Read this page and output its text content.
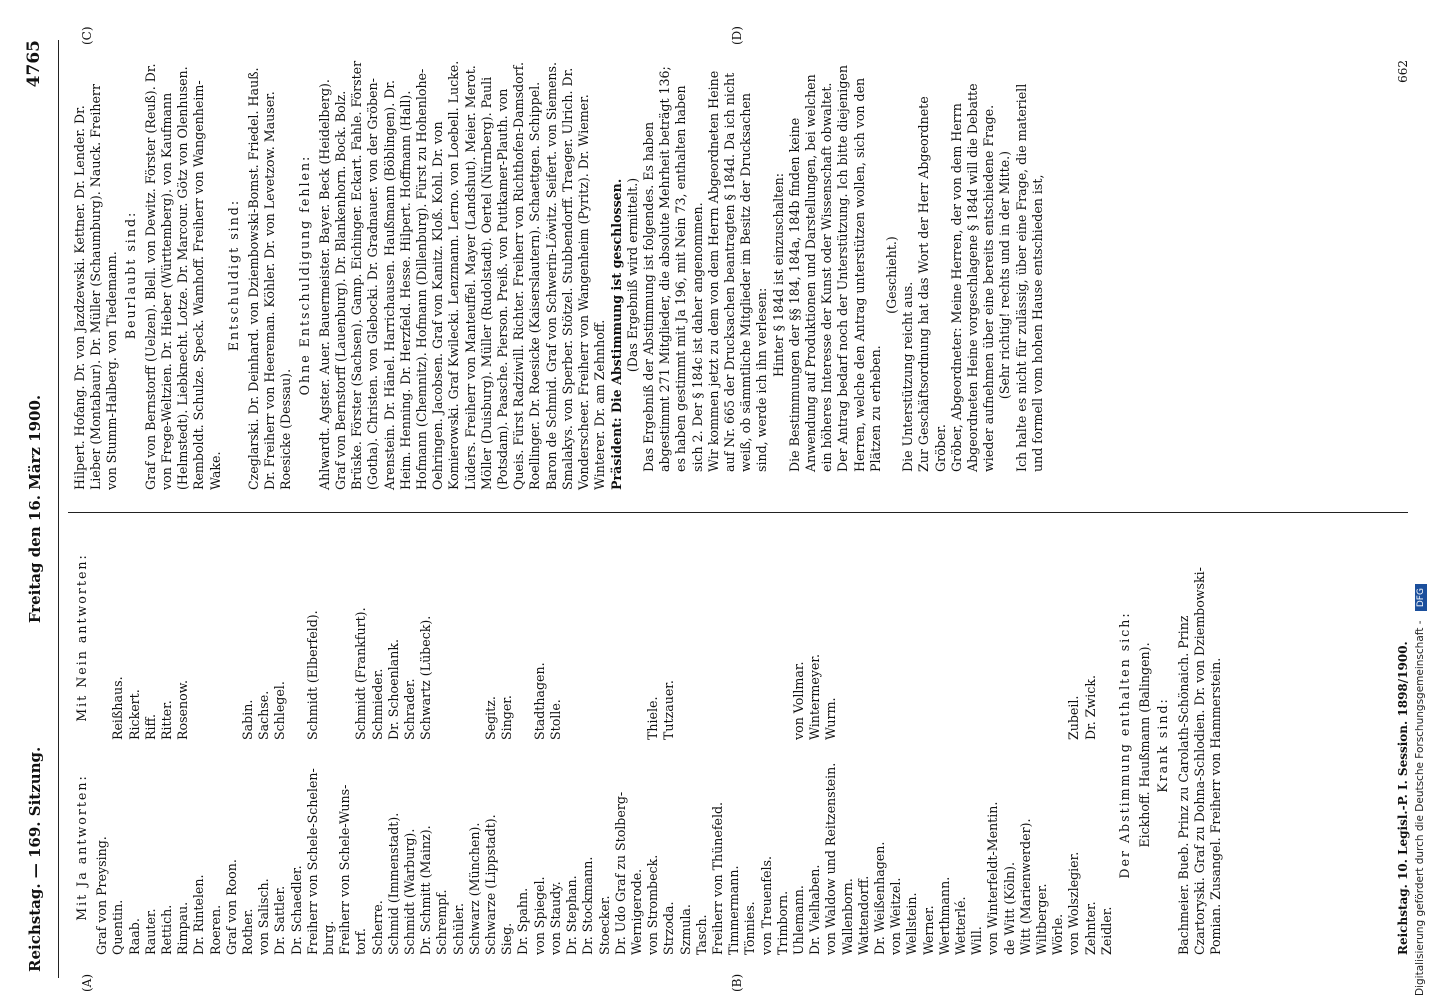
Reichstag. — 169. Sitzung.
Freitag den 16. März 1900.
4765
(A)	(B)
(C)	(D)
Mit Ja antworten:
Mit Nein antworten:
Graf von Preysing. Quentin.
Reißhaus.
Raab.
Rickert.
Rauter.
Riff.
Rettich.
Ritter.
Rimpau.
Rosenow.
Dr. Rintelen. Roeren. Graf von Roon. Rother.
Sabin.
von Salisch.
Sachse.
Dr. Sattler.
Schlegel.
Dr. Schaedler. Freiherr von Schele-Schelen-
Schmidt (Elberfeld).
burg. Freiherr von Schele-Wuns- torf.
Schmidt (Frankfurt).
Scherre.
Schmieder.
Schmid (Immenstadt).
Dr. Schoenlank.
Schmidt (Warburg).
Schrader.
Dr. Schmitt (Mainz).
Schwartz (Lübeck).
Schrempf. Schüler. Schwarz (München). Schwarze (Lippstadt).
Segitz.
Sieg.
Singer.
Dr. Spahn. von Spiegel.
Stadthagen.
von Staudy.
Stolle.
Dr. Stephan. Dr. Stockmann. Stoecker. Dr. Udo Graf zu Stolberg- Wernigerode. von Strombeck.
Thiele.
Strzoda.
Tutzauer.
Szmula. Tasch. Freiherr von Thünefeld. Timmermann. Tönnies. von Treuenfels. Trimborn. Uhlemann.
von Vollmar.
Dr. Vielhaben.
Wintermeyer.
von Waldow und Reitzenstein.
Wurm.
Wallenborn. Wattendorff. Dr. Weißenhagen. von Weitzel. Wellstein. Werner. Werthmann. Wetterlé. Will. von Winterfeldt-Mentin. de Witt (Köln). Witt (Marienwerder). Wiltberger. Wörle. von Wolszlegier.
Zubeil.
Zehnter.
Dr. Zwick.
Zeidler.
Der Abstimmung enthalten sich: Eickhoff. Haußmann (Balingen). Krank sind: Bachmeier. Bueb. Prinz zu Carolath-Schönaich. Prinz Czartoryski. Graf zu Dohna-Schlodien. Dr. von Dziembowski-Pomian. Zusangel. Freiherr von Hammerstein.

Hilpert. Hofang. Dr. von Jazdzewski. Kettner. Dr. Lender. Dr. Lieber (Montabaur). Dr. Müller (Schaumburg). Nauck. Freiherr von Stumm-Halberg. von Tiedemann. Beurlaubt sind: Graf von Bernstorff (Uelzen). Blell. von Dewitz. Förster (Reuß). Dr. von Frege-Weltzien. Dr. Hieber (Württemberg). von Kaufmann (Helmstedt). Liebknecht. Lotze. Dr. Marcour. Götz von Olenhusen. Remboldt. Schulze. Speck. Wamhoff. Freiherr von Wangenheim-Wake.

Entschuldigt sind: Czeglarski. Dr. Deinhard. von Dziembowski-Bomst. Friedel. Hauß. Dr. Freiherr von Heereman. Köhler. Dr. von Levetzow. Mauser. Roesicke (Dessau).

Ohne Entschuldigung fehlen: Ahlwardt. Agster. Auer. Bauermeister. Bayer. Beck (Heidelberg). Graf von Bernstorff (Lauenburg). Dr. Blankenhorn. Bock. Bolz. Brüske. Förster (Sachsen). Gamp. Eichinger. Eckart. Fahle. Förster (Gotha). Christen. von Glebocki. Dr. Gradnauer. von der Gröben-Arenstein. Dr. Hänel. Harrichausen. Haußmann (Böblingen). Dr. Heim. Henning. Dr. Herzfeld. Hesse. Hilpert. Hoffmann (Hall). Hofmann (Chemnitz). Hofmann (Dillenburg). Fürst zu Hohenlohe-Oehringen. Jacobsen. Graf von Kanitz. Kloß. Kohl. Dr. von Komierowski. Graf Kwilecki. Lenzmann. Lerno. von Loebell. Lucke. Lüders. Freiherr von Manteuffel. Mayer (Landshut). Meier. Merot. Möller (Duisburg). Müller (Rudolstadt). Oertel (Nürnberg). Pauli (Potsdam). Paasche. Pierson. Preiß. von Puttkamer-Plauth. von Queis. Fürst Radziwill. Richter. Freiherr von Richthofen-Damsdorf. Roellinger. Dr. Roesicke (Kaiserslautern). Schaettgen. Schippel. Baron de Schmid. Graf von Schwerin-Löwitz. Seifert. von Siemens. Smalakys. von Sperber. Stötzel. Stubbendorff. Traeger. Ulrich. Dr. Vonderscheer. Freiherr von Wangenheim (Pyritz). Dr. Wiemer. Winterer. Dr. am Zehnhoff. Präsident: Die Abstimmung ist geschlossen. (Das Ergebniß wird ermittelt.) Das Ergebniß der Abstimmung ist folgendes. Es haben abgestimmt 271 Mitglieder, die absolute Mehrheit beträgt 136; es haben gestimmt mit Ja 196, mit Nein 73, enthalten haben sich 2. Der § 184c ist daher angenommen. Wir kommen jetzt zu dem von dem Herrn Abgeordneten Heine auf Nr. 665 der Drucksachen beantragten § 184d. Da ich nicht weiß, ob sämmtliche Mitglieder im Besitz der Drucksachen sind, werde ich ihn verlesen:

Hinter § 184d ist einzuschalten: Die Bestimmungen der §§ 184, 184a, 184b finden keine Anwendung auf Produktionen und Darstellungen, bei welchen ein höheres Interesse der Kunst oder Wissenschaft obwaltet. Der Antrag bedarf noch der Unterstützung. Ich bitte diejenigen Herren, welche den Antrag unterstützen wollen, sich von den Plätzen zu erheben.

(Geschieht.)

Die Unterstützung reicht aus. Zur Geschäftsordnung hat das Wort der Herr Abgeordnete Gröber. Gröber, Abgeordneter: Meine Herren, der von dem Herrn Abgeordneten Heine vorgeschlagene § 184d will die Debatte wieder aufnehmen über eine bereits entschiedene Frage. (Sehr richtig! rechts und in der Mitte.) Ich halte es nicht für zulässig, über eine Frage, die materiell und formell vom hohen Hause entschieden ist,

Reichstag. 10. Legisl.-P. I. Session. 1898/1900.
662
Digitalisierung gefördert durch die Deutsche Forschungsgemeinschaft - DFG
